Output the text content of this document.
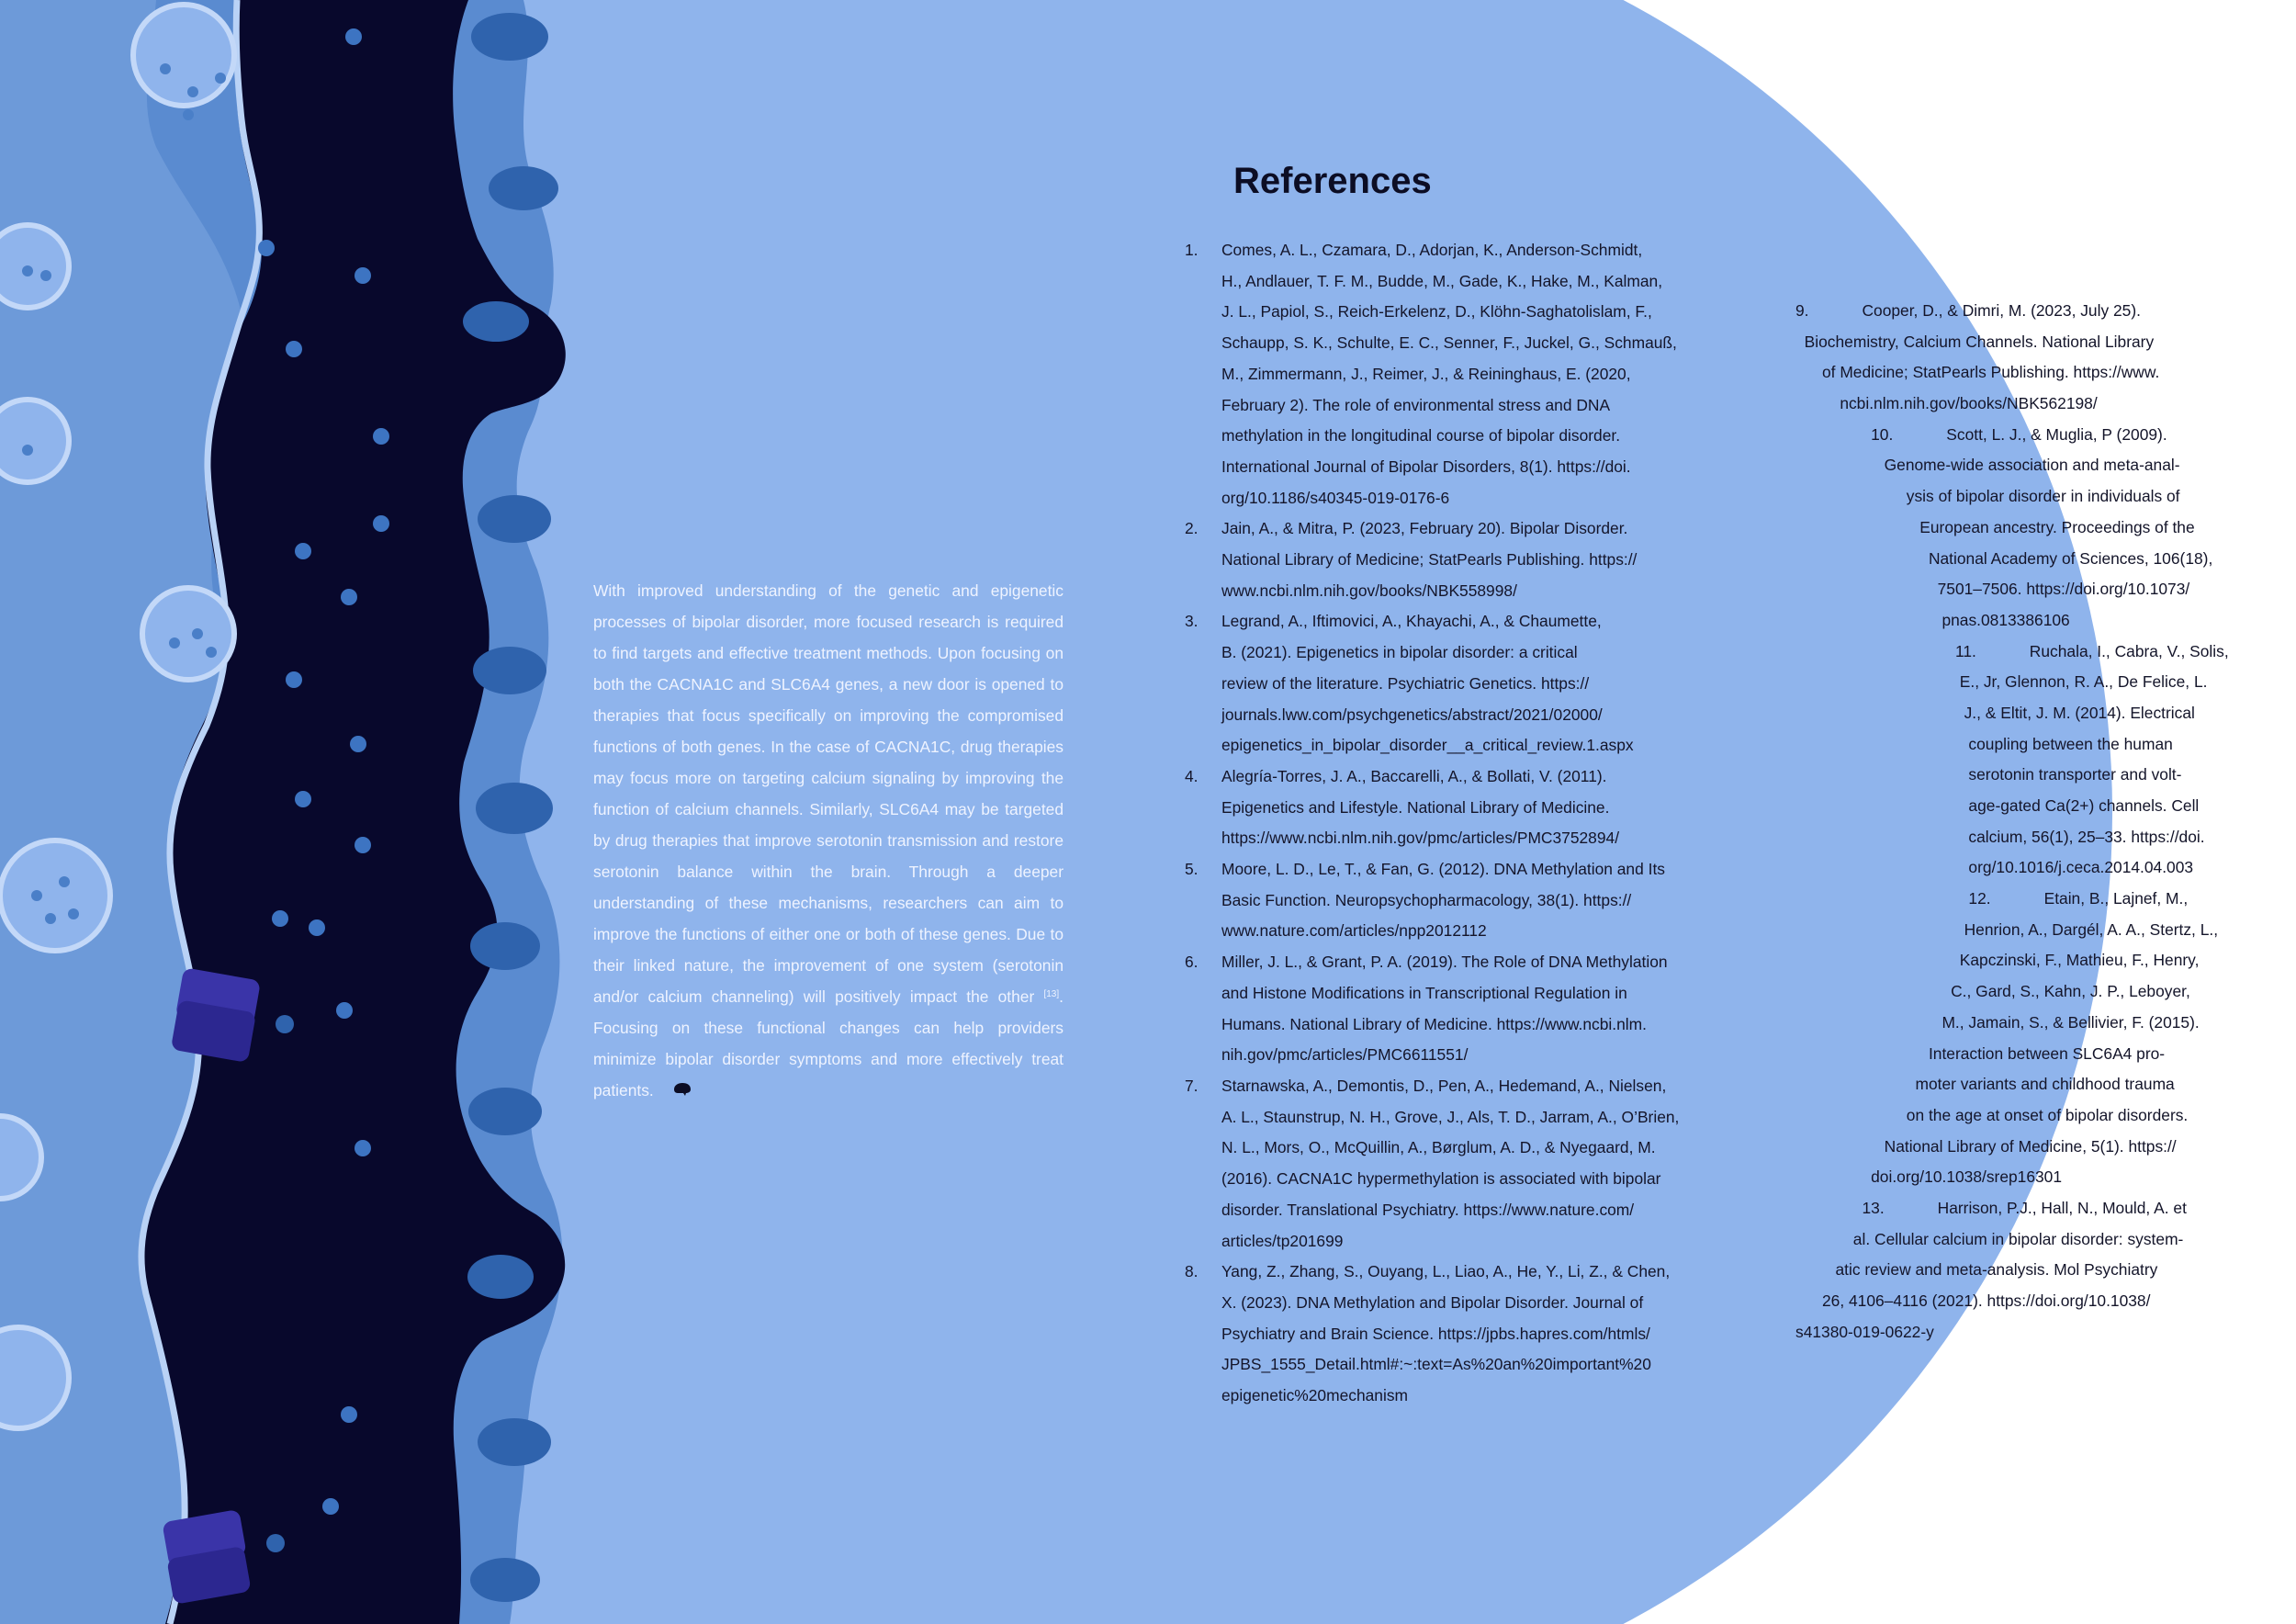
With improved understanding of the genetic and epigenetic processes of bipolar disorder, more focused research is required to find targets and effective treatment methods. Upon focusing on both the CACNA1C and SLC6A4 genes, a new door is opened to therapies that focus specifically on improving the compromised functions of both genes. In the case of CACNA1C, drug therapies may focus more on targeting calcium signaling by improving the function of calcium channels. Similarly, SLC6A4 may be targeted by drug therapies that improve serotonin transmission and restore serotonin balance within the brain. Through a deeper understanding of these mechanisms, researchers can aim to improve the functions of either one or both of these genes. Due to their linked nature, the improvement of one system (serotonin and/or calcium channeling) will positively impact the other [13]. Focusing on these functional changes can help providers minimize bipolar disorder symptoms and more effectively treat patients.

References
1.	Comes, A. L., Czamara, D., Adorjan, K., Anderson-Schmidt,
H., Andlauer, T. F. M., Budde, M., Gade, K., Hake, M., Kalman,
J. L., Papiol, S., Reich-Erkelenz, D., Klöhn-Saghatolislam, F.,
Schaupp, S. K., Schulte, E. C., Senner, F., Juckel, G., Schmauß,
M., Zimmermann, J., Reimer, J., & Reininghaus, E. (2020,
February 2). The role of environmental stress and DNA
methylation in the longitudinal course of bipolar disorder.
International Journal of Bipolar Disorders, 8(1). https://doi.
org/10.1186/s40345-019-0176-6
2.	Jain, A., & Mitra, P. (2023, February 20). Bipolar Disorder.
National Library of Medicine; StatPearls Publishing. https://
www.ncbi.nlm.nih.gov/books/NBK558998/
3.	Legrand, A., Iftimovici, A., Khayachi, A., & Chaumette,
B. (2021). Epigenetics in bipolar disorder: a critical
review of the literature. Psychiatric Genetics. https://
journals.lww.com/psychgenetics/abstract/2021/02000/
epigenetics_in_bipolar_disorder__a_critical_review.1.aspx
4.	Alegría-Torres, J. A., Baccarelli, A., & Bollati, V. (2011).
Epigenetics and Lifestyle. National Library of Medicine.
https://www.ncbi.nlm.nih.gov/pmc/articles/PMC3752894/
5.	Moore, L. D., Le, T., & Fan, G. (2012). DNA Methylation and Its
Basic Function. Neuropsychopharmacology, 38(1). https://
www.nature.com/articles/npp2012112
6.	Miller, J. L., & Grant, P. A. (2019). The Role of DNA Methylation
and Histone Modifications in Transcriptional Regulation in
Humans. National Library of Medicine. https://www.ncbi.nlm.
nih.gov/pmc/articles/PMC6611551/
7.	Starnawska, A., Demontis, D., Pen, A., Hedemand, A., Nielsen,
A. L., Staunstrup, N. H., Grove, J., Als, T. D., Jarram, A., O’Brien,
N. L., Mors, O., McQuillin, A., Børglum, A. D., & Nyegaard, M.
(2016). CACNA1C hypermethylation is associated with bipolar
disorder. Translational Psychiatry. https://www.nature.com/
articles/tp201699
8.	Yang, Z., Zhang, S., Ouyang, L., Liao, A., He, Y., Li, Z., & Chen,
X. (2023). DNA Methylation and Bipolar Disorder. Journal of
Psychiatry and Brain Science. https://jpbs.hapres.com/htmls/
JPBS_1555_Detail.html#:~:text=As%20an%20important%20
epigenetic%20mechanism
9.            Cooper, D., & Dimri, M. (2023, July 25).
Biochemistry, Calcium Channels. National Library
of Medicine; StatPearls Publishing. https://www.
ncbi.nlm.nih.gov/books/NBK562198/
10.            Scott, L. J., & Muglia, P (2009).
Genome-wide association and meta-anal-
ysis of bipolar disorder in individuals of
European ancestry. Proceedings of the
National Academy of Sciences, 106(18),
7501–7506. https://doi.org/10.1073/
pnas.0813386106
11.            Ruchala, I., Cabra, V., Solis,
E., Jr, Glennon, R. A., De Felice, L.
J., & Eltit, J. M. (2014). Electrical
coupling between the human
serotonin transporter and volt-
age-gated Ca(2+) channels. Cell
calcium, 56(1), 25–33. https://doi.
org/10.1016/j.ceca.2014.04.003
12.            Etain, B., Lajnef, M.,
Henrion, A., Dargél, A. A., Stertz, L.,
Kapczinski, F., Mathieu, F., Henry,
C., Gard, S., Kahn, J. P., Leboyer,
M., Jamain, S., & Bellivier, F. (2015).
Interaction between SLC6A4 pro-
moter variants and childhood trauma
on the age at onset of bipolar disorders.
National Library of Medicine, 5(1). https://
doi.org/10.1038/srep16301
13.            Harrison, P.J., Hall, N., Mould, A. et
al. Cellular calcium in bipolar disorder: system-
atic review and meta-analysis. Mol Psychiatry
26, 4106–4116 (2021). https://doi.org/10.1038/
s41380-019-0622-y
